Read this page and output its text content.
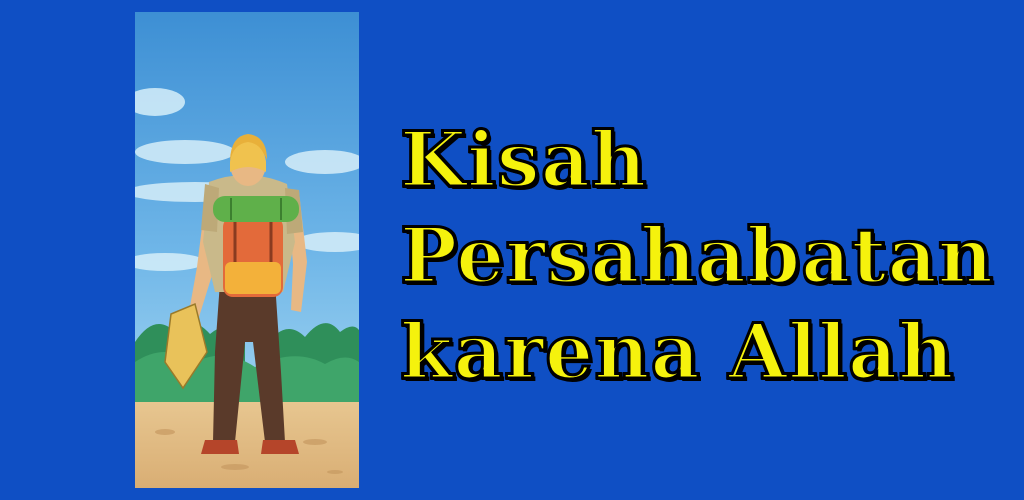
Kisah
Persahabatan
karena Allah
